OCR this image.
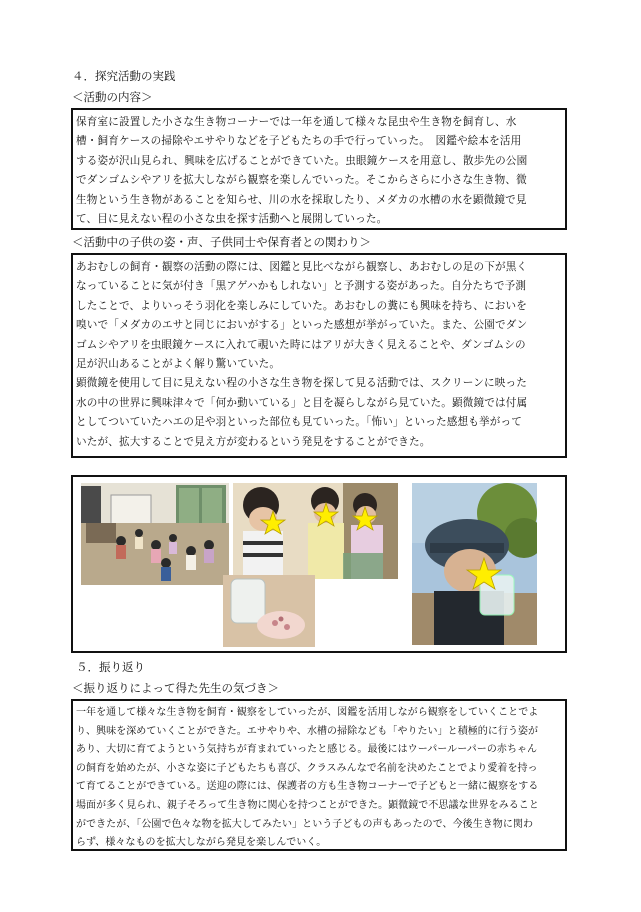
４．探究活動の実践
＜活動の内容＞

保育室に設置した小さな生き物コーナーでは一年を通して様々な昆虫や生き物を飼育し、水

槽・飼育ケースの掃除やエサやりなどを子どもたちの手で行っていった。　図鑑や絵本を活用

する姿が沢山見られ、興味を広げることができていた。虫眼鏡ケースを用意し、散歩先の公園

でダンゴムシやアリを拡大しながら観察を楽しんでいった。そこからさらに小さな生き物、微

生物という生き物があることを知らせ、川の水を採取したり、メダカの水槽の水を顕微鏡で見

て、目に見えない程の小さな虫を探す活動へと展開していった。

＜活動中の子供の姿・声、子供同士や保育者との関わり＞

あおむしの飼育・観察の活動の際には、図鑑と見比べながら観察し、あおむしの足の下が黒く

なっていることに気が付き「黒アゲハかもしれない」と予測する姿があった。自分たちで予測

したことで、よりいっそう羽化を楽しみにしていた。あおむしの糞にも興味を持ち、においを

嗅いで「メダカのエサと同じにおいがする」といった感想が挙がっていた。また、公園でダン

ゴムシやアリを虫眼鏡ケースに入れて覗いた時にはアリが大きく見えることや、ダンゴムシの

足が沢山あることがよく解り驚いていた。

顕微鏡を使用して目に見えない程の小さな生き物を探して見る活動では、スクリーンに映った

水の中の世界に興味津々で「何か動いている」と目を凝らしながら見ていた。顕微鏡では付属

としてついていたハエの足や羽といった部位も見ていった。「怖い」といった感想も挙がって

いたが、拡大することで見え方が変わるという発見をすることができた。

５．振り返り
＜振り返りによって得た先生の気づき＞

一年を通して様々な生き物を飼育・観察をしていったが、図鑑を活用しながら観察をしていくことでよ

り、興味を深めていくことができた。エサやりや、水槽の掃除なども「やりたい」と積極的に行う姿が

あり、大切に育てようという気持ちが育まれていったと感じる。最後にはウーパールーパーの赤ちゃん

の飼育を始めたが、小さな姿に子どもたちも喜び、クラスみんなで名前を決めたことでより愛着を持っ

て育てることができている。送迎の際には、保護者の方も生き物コーナーで子どもと一緒に観察をする

場面が多く見られ、親子そろって生き物に関心を持つことができた。顕微鏡で不思議な世界をみること

ができたが、「公園で色々な物を拡大してみたい」という子どもの声もあったので、今後生き物に関わ

らず、様々なものを拡大しながら発見を楽しんでいく。
